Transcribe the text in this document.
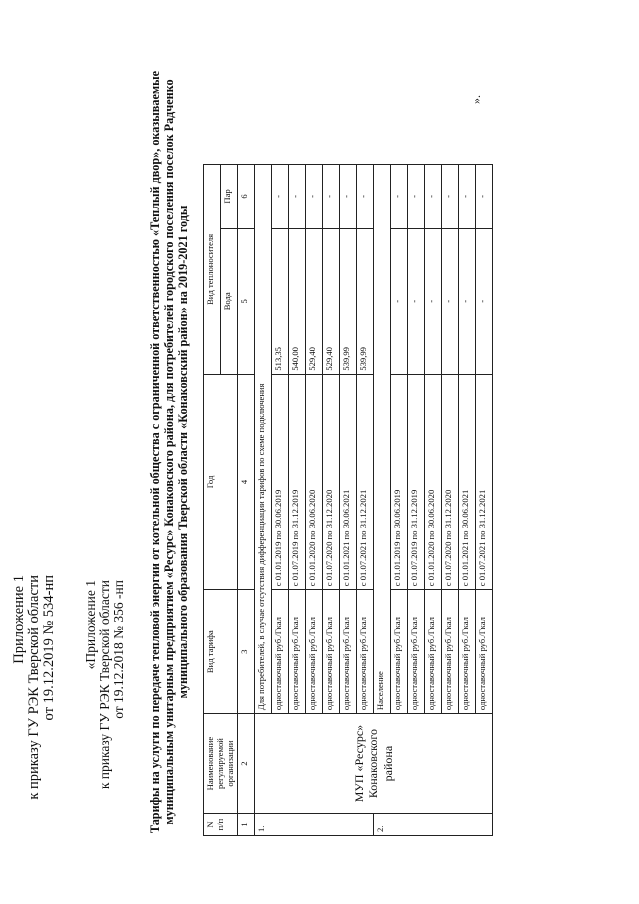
Приложение 1 к приказу ГУ РЭК Тверской области от 19.12.2019 № 534-нп «Приложение 1 к приказу ГУ РЭК Тверской области от 19.12.2018 № 356 -нп Тарифы на услуги по передаче тепловой энергии от котельной общества с ограниченной ответственностью «Теплый двор», оказываемые муниципальным унитарным предприятием «Ресурс» Конаковского района, для потребителей городского поселения поселок Радченко муниципального образования Тверской области «Конаковский район» на 2019-2021 годы
N п/п	Наименование регулируемой организации	Вид тарифа	Год	Вид теплоносителя	
				Вода	Пар
1	2	3	4	5	6
1.	МУП «Ресурс» Конаковского района	Для потребителей, в случае отсутствия дифференциации тарифов по схеме подключения			
		одноставочный руб./Гкал	с 01.01.2019 по 30.06.2019	513,35	-
		одноставочный руб./Гкал	с 01.07.2019 по 31.12.2019	540,00	-
		одноставочный руб./Гкал	с 01.01.2020 по 30.06.2020	529,40	-
		одноставочный руб./Гкал	с 01.07.2020 по 31.12.2020	529,40	-
		одноставочный руб./Гкал	с 01.01.2021 по 30.06.2021	539,99	-
		одноставочный руб./Гкал	с 01.07.2021 по 31.12.2021	539,99	-
2.		Население			
		одноставочный руб./Гкал	с 01.01.2019 по 30.06.2019	-	-
		одноставочный руб./Гкал	с 01.07.2019 по 31.12.2019	-	-
		одноставочный руб./Гкал	с 01.01.2020 по 30.06.2020	-	-
		одноставочный руб./Гкал	с 01.07.2020 по 31.12.2020	-	-
		одноставочный руб./Гкал	с 01.01.2021 по 30.06.2021	-	-
		одноставочный руб./Гкал	с 01.07.2021 по 31.12.2021	-	-
».
